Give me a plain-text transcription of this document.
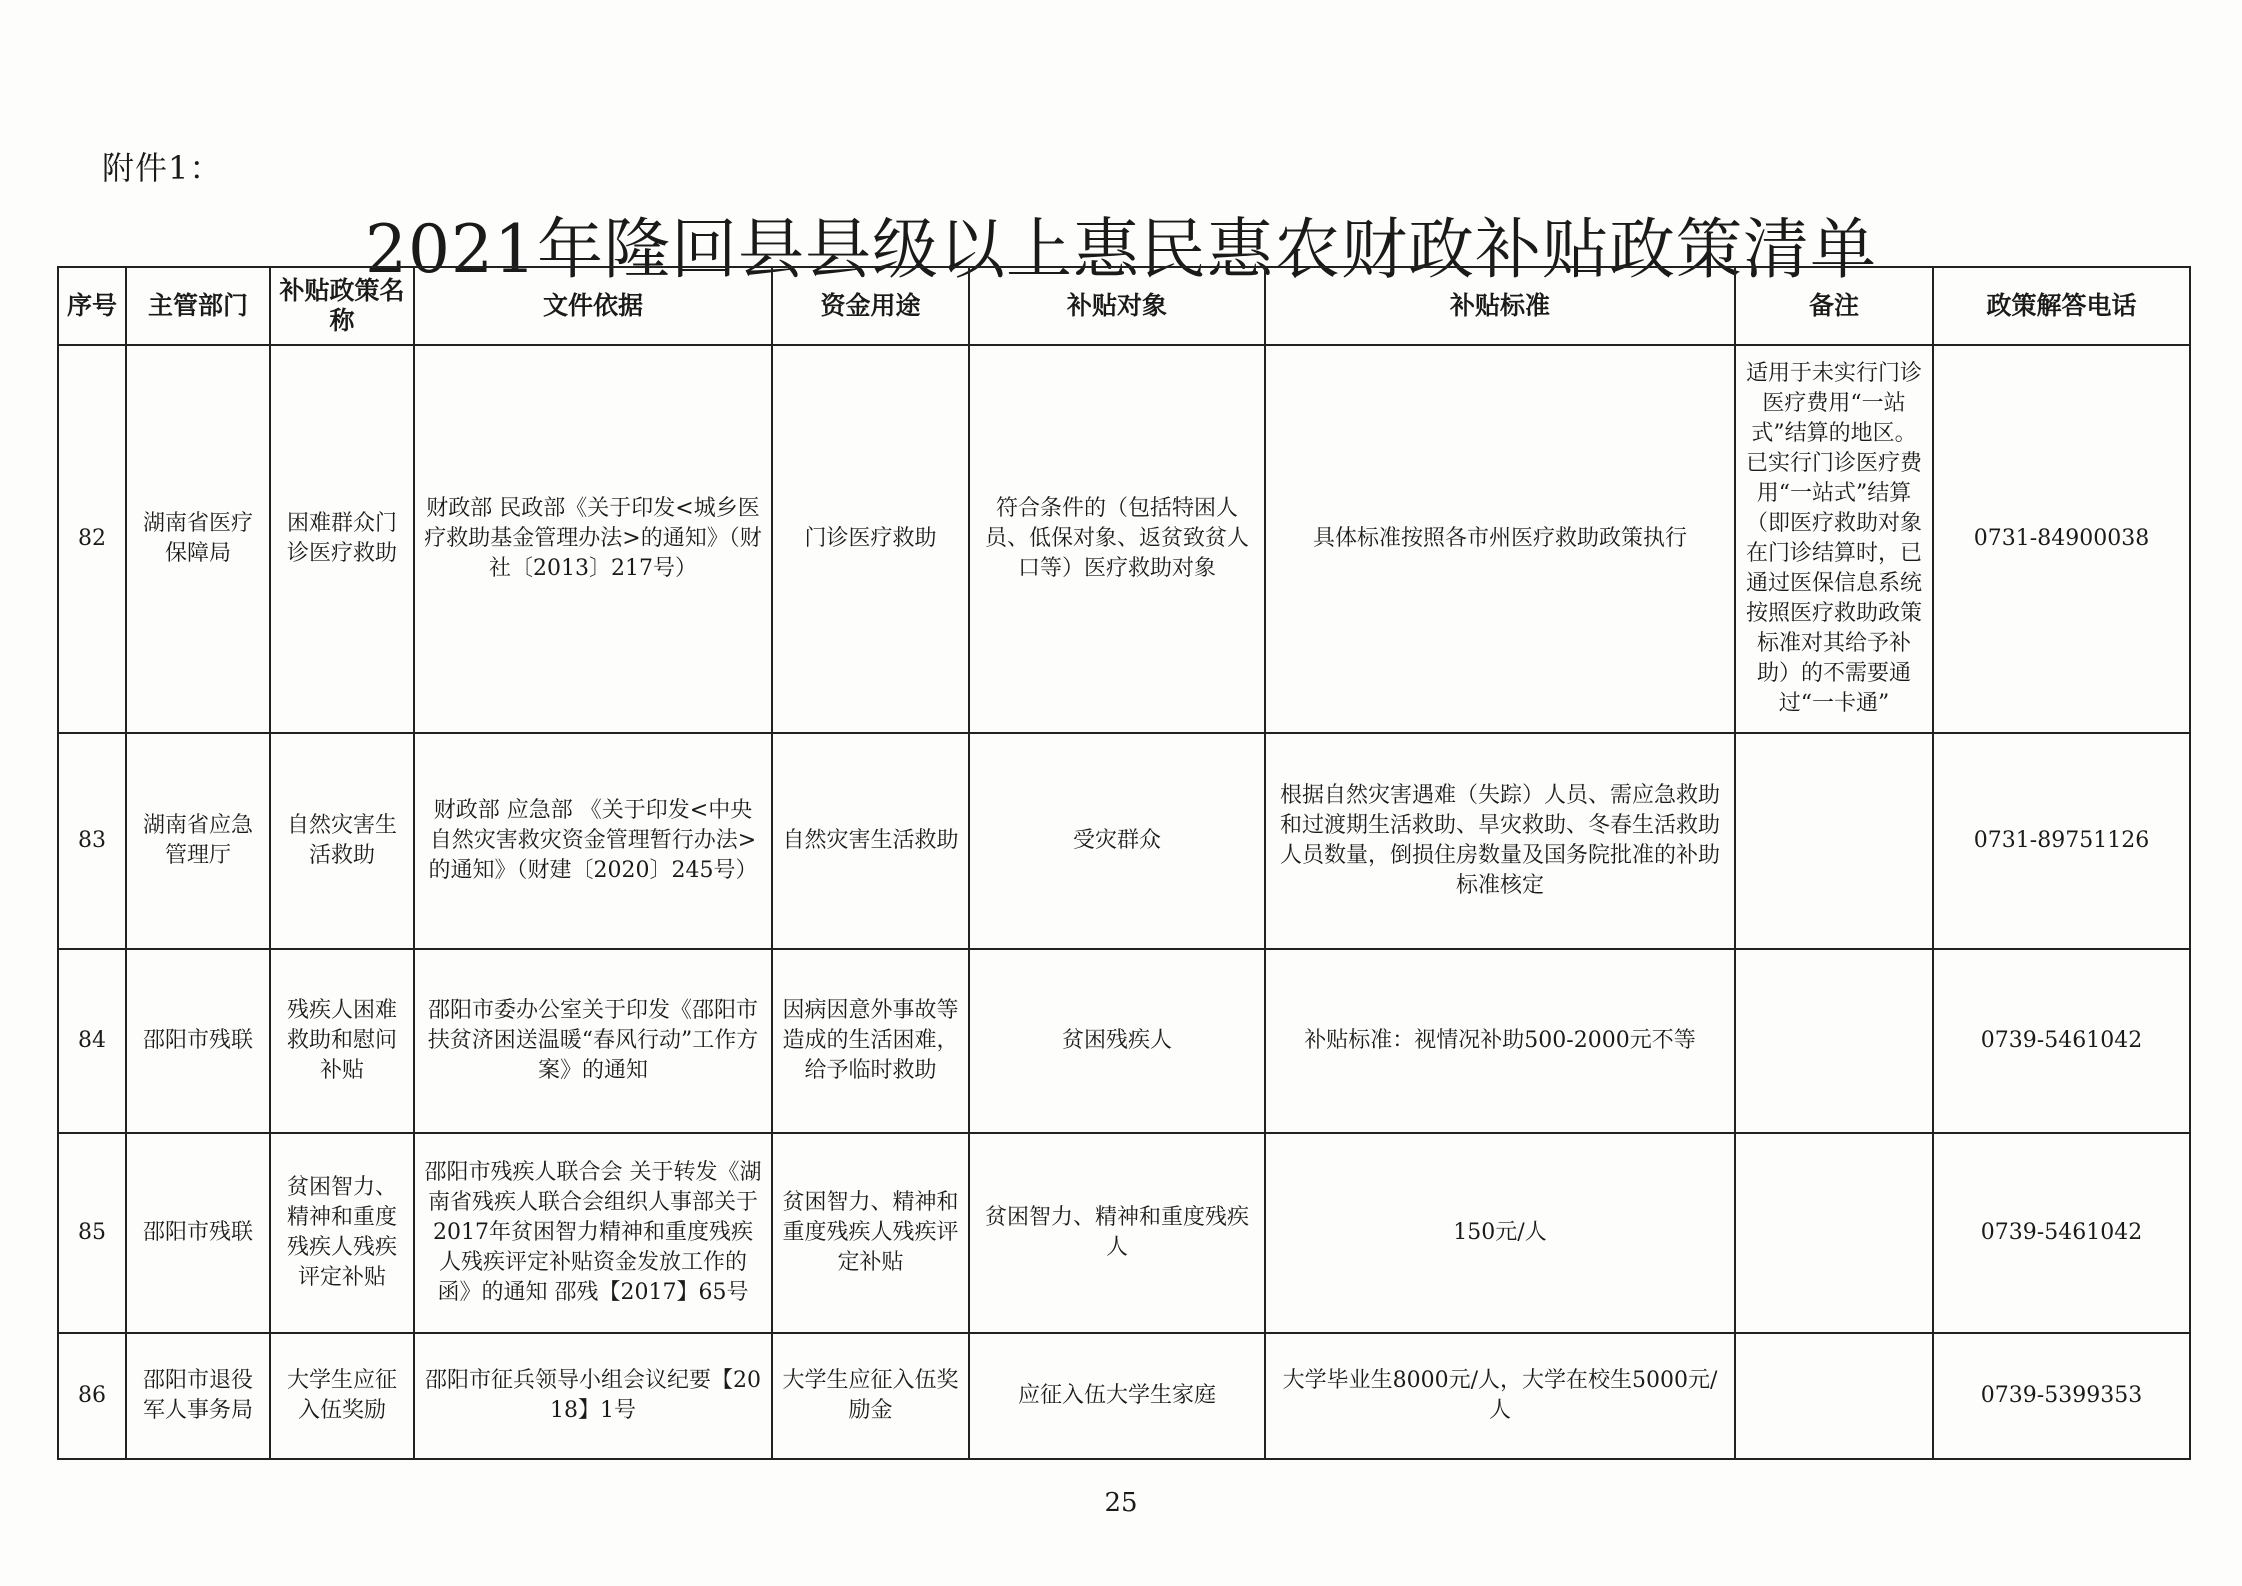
附件1：
2021年隆回县县级以上惠民惠农财政补贴政策清单
序号	主管部门	补贴政策名称	文件依据	资金用途	补贴对象	补贴标准	备注	政策解答电话
82	湖南省医疗保障局	困难群众门诊医疗救助	财政部 民政部《关于印发<城乡医疗救助基金管理办法>的通知》（财社〔2013〕217号）	门诊医疗救助	符合条件的（包括特困人员、低保对象、返贫致贫人口等）医疗救助对象	具体标准按照各市州医疗救助政策执行	适用于未实行门诊医疗费用“一站式”结算的地区。已实行门诊医疗费用“一站式”结算（即医疗救助对象在门诊结算时，已通过医保信息系统按照医疗救助政策标准对其给予补助）的不需要通过“一卡通”	0731-84900038
83	湖南省应急管理厅	自然灾害生活救助	财政部 应急部 《关于印发<中央自然灾害救灾资金管理暂行办法>的通知》（财建〔2020〕245号）	自然灾害生活救助	受灾群众	根据自然灾害遇难（失踪）人员、需应急救助和过渡期生活救助、旱灾救助、冬春生活救助人员数量，倒损住房数量及国务院批准的补助标准核定		0731-89751126
84	邵阳市残联	残疾人困难救助和慰问补贴	邵阳市委办公室关于印发《邵阳市扶贫济困送温暖“春风行动”工作方案》的通知	因病因意外事故等造成的生活困难，给予临时救助	贫困残疾人	补贴标准：视情况补助500-2000元不等		0739-5461042
85	邵阳市残联	贫困智力、精神和重度残疾人残疾评定补贴	邵阳市残疾人联合会 关于转发《湖南省残疾人联合会组织人事部关于2017年贫困智力精神和重度残疾人残疾评定补贴资金发放工作的函》的通知 邵残【2017】65号	贫困智力、精神和重度残疾人残疾评定补贴	贫困智力、精神和重度残疾人	150元/人		0739-5461042
86	邵阳市退役军人事务局	大学生应征入伍奖励	邵阳市征兵领导小组会议纪要【2018】1号	大学生应征入伍奖励金	应征入伍大学生家庭	大学毕业生8000元/人，大学在校生5000元/人		0739-5399353
25
